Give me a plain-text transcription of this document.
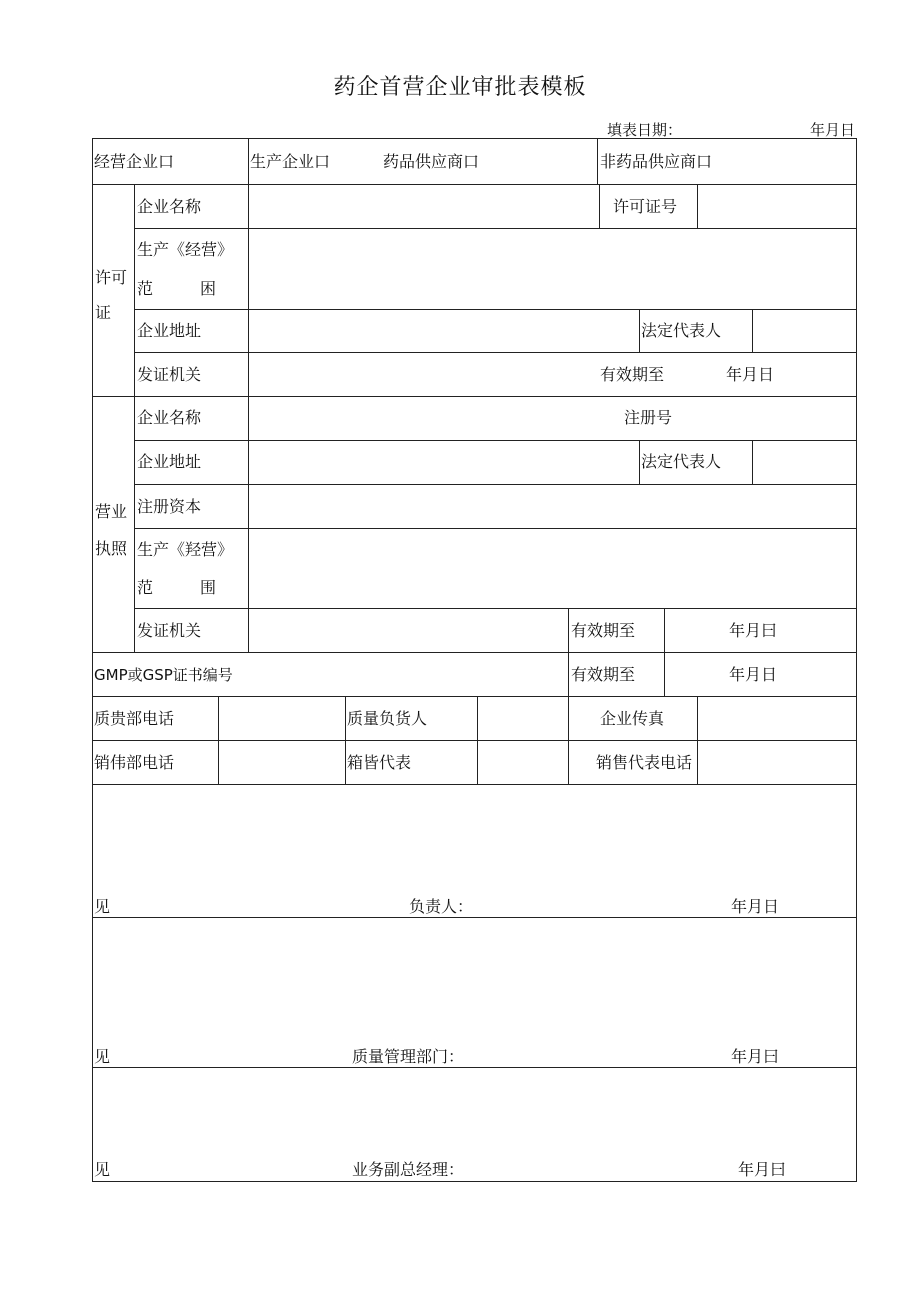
药企首营企业审批表模板
填表日期：	年月日
经营企业口	生产企业口	药品供应商口	非药品供应商口
许可
证
企业名称	许可证号
生产《经营》
范	困
企业地址	法定代表人
发证机关	有效期至	年月日
营业
执照
企业名称	注册号
企业地址	法定代表人
注册资本
生产《羟营》
范	围
发证机关	有效期至	年月曰
GMP或GSP证书编号	有效期至	年月日
质贵部电话	质量负货人	企业传真
销伟部电话	箱皆代表	销售代表电话
见	负责人：	年月日
见	质量管理部门：	年月曰
见	业务副总经理：	年月曰
